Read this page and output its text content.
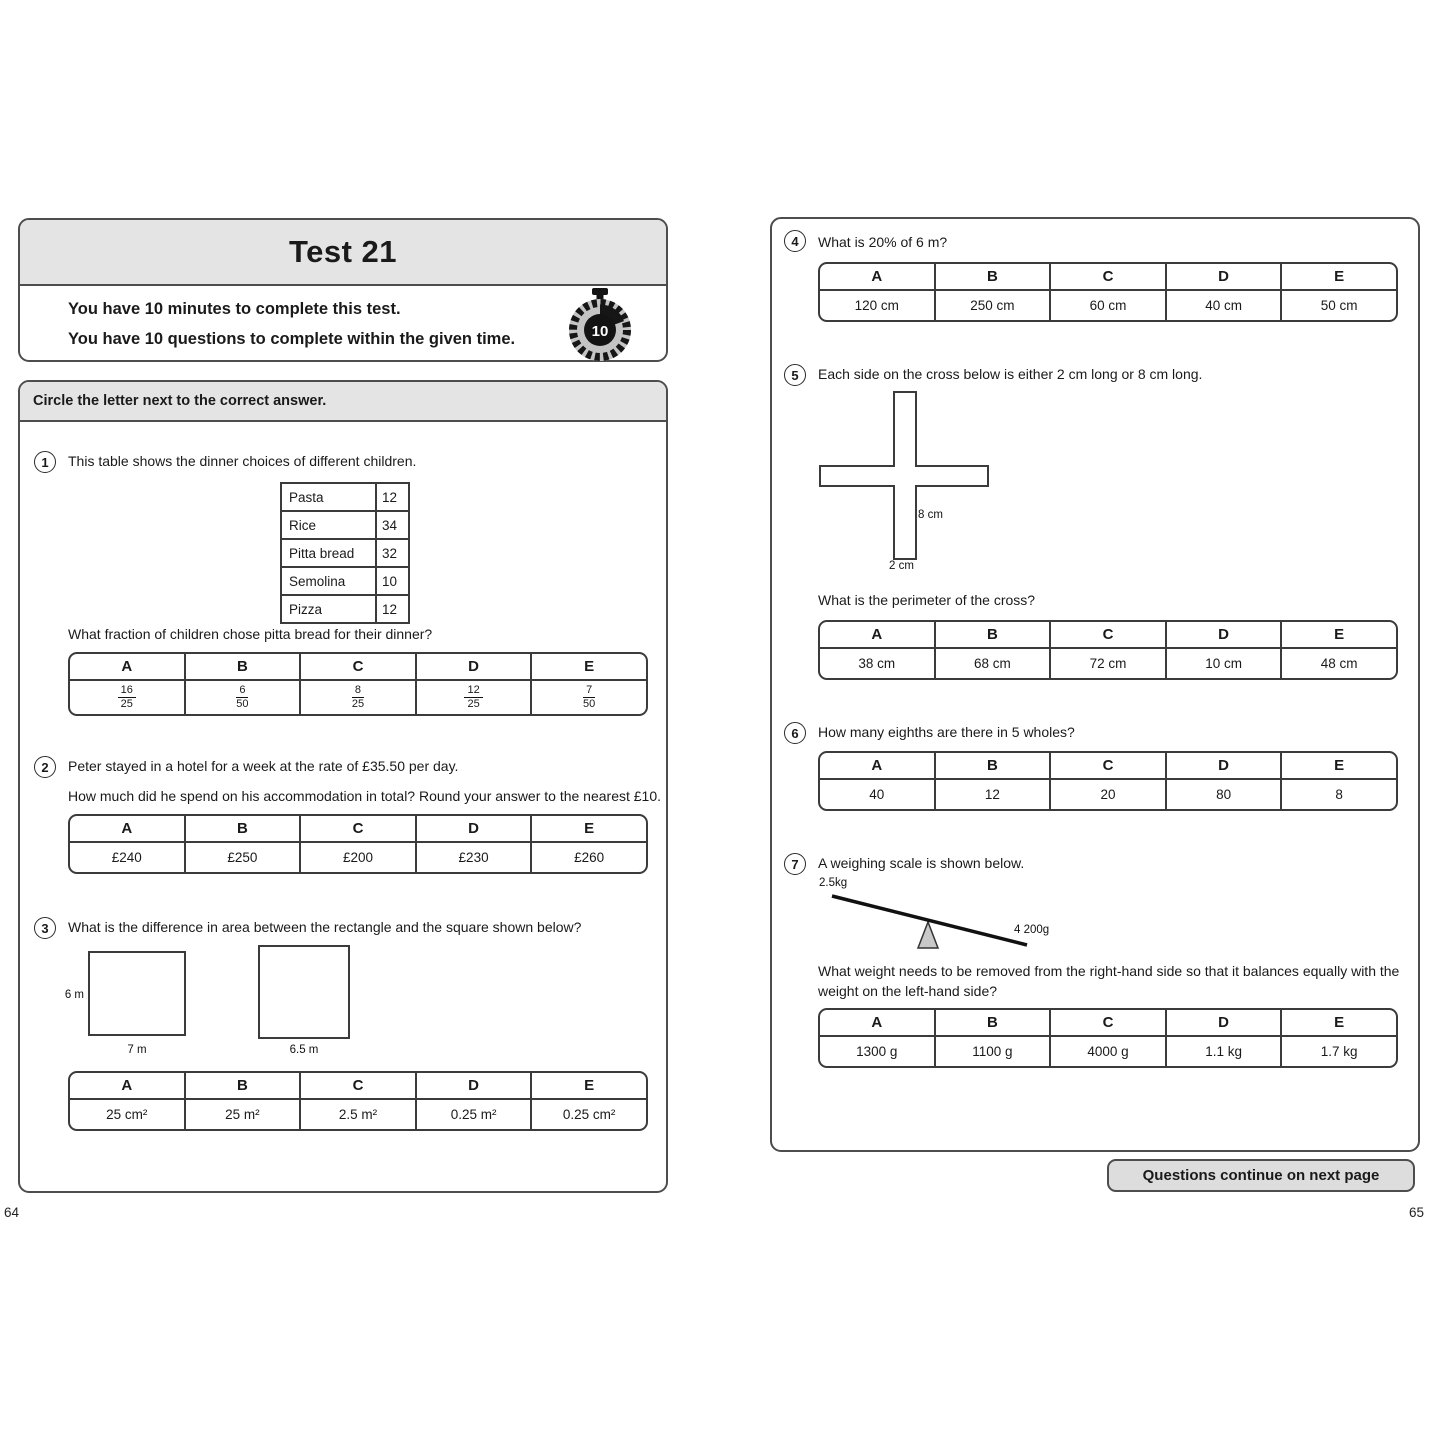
Test 21
You have 10 minutes to complete this test.
You have 10 questions to complete within the given time.	10
Circle the letter next to the correct answer.
1	This table shows the dinner choices of different children.
Pasta	12
Rice	34
Pitta bread	32
Semolina	10
Pizza	12
What fraction of children chose pitta bread for their dinner?
A	B	C	D	E
$\frac{16}{25}$	$\frac{6}{50}$	$\frac{8}{25}$	$\frac{12}{25}$	$\frac{7}{50}$
2	Peter stayed in a hotel for a week at the rate of £35.50 per day.
How much did he spend on his accommodation in total? Round your answer to the nearest £10.
A	B	C	D	E
£240	£250	£200	£230	£260
3	What is the difference in area between the rectangle and the square shown below?
6 m
7 m	6.5 m
A	B	C	D	E
25 cm²	25 m²	2.5 m²	0.25 m²	0.25 cm²
64
4	What is 20% of 6 m?
A	B	C	D	E
120 cm	250 cm	60 cm	40 cm	50 cm
5	Each side on the cross below is either 2 cm long or 8 cm long.
8 cm
2 cm
What is the perimeter of the cross?
A	B	C	D	E
38 cm	68 cm	72 cm	10 cm	48 cm
6	How many eighths are there in 5 wholes?
A	B	C	D	E
40	12	20	80	8
7	A weighing scale is shown below.
2.5kg
4 200g
What weight needs to be removed from the right-hand side so that it balances equally with the weight on the left-hand side?
A	B	C	D	E
1300 g	1100 g	4000 g	1.1 kg	1.7 kg
Questions continue on next page
65
